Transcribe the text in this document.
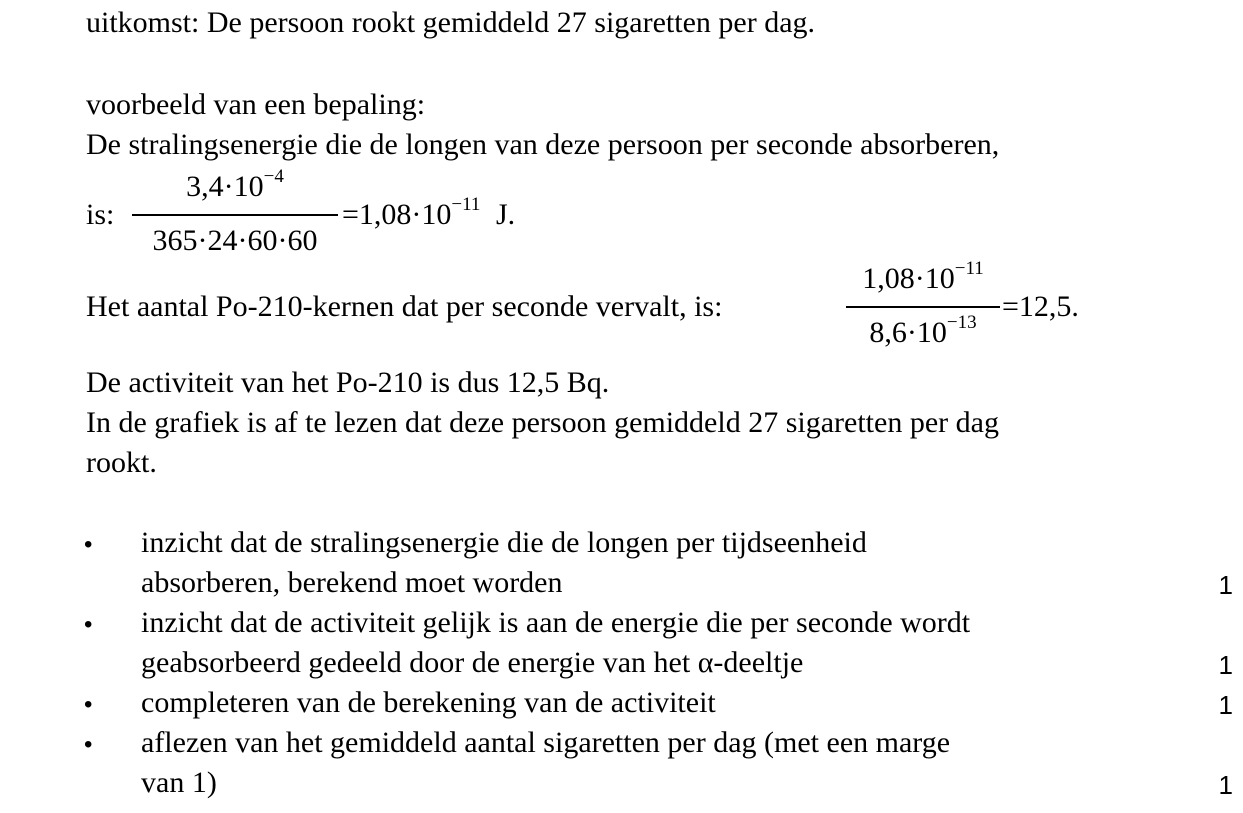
uitkomst: De persoon rookt gemiddeld 27 sigaretten per dag.
voorbeeld van een bepaling:
De stralingsenergie die de longen van deze persoon per seconde absorberen,
is:
$3,4\cdot 10^{-4}$
365·24·60·60
$=1,08\cdot 10^{-11}$ J.
Het aantal Po-210-kernen dat per seconde vervalt, is:
$1,08\cdot 10^{-11}$
$8,6\cdot 10^{-13} =12,5$.
De activiteit van het Po-210 is dus 12,5 Bq.
In de grafiek is af te lezen dat deze persoon gemiddeld 27 sigaretten per dag
rookt.
• inzicht dat de stralingsenergie die de longen per tijdseenheid
absorberen, berekend moet worden	1
• inzicht dat de activiteit gelijk is aan de energie die per seconde wordt
geabsorbeerd gedeeld door de energie van het α-deeltje	1
• completeren van de berekening van de activiteit	1
• aflezen van het gemiddeld aantal sigaretten per dag (met een marge
van 1)	1
